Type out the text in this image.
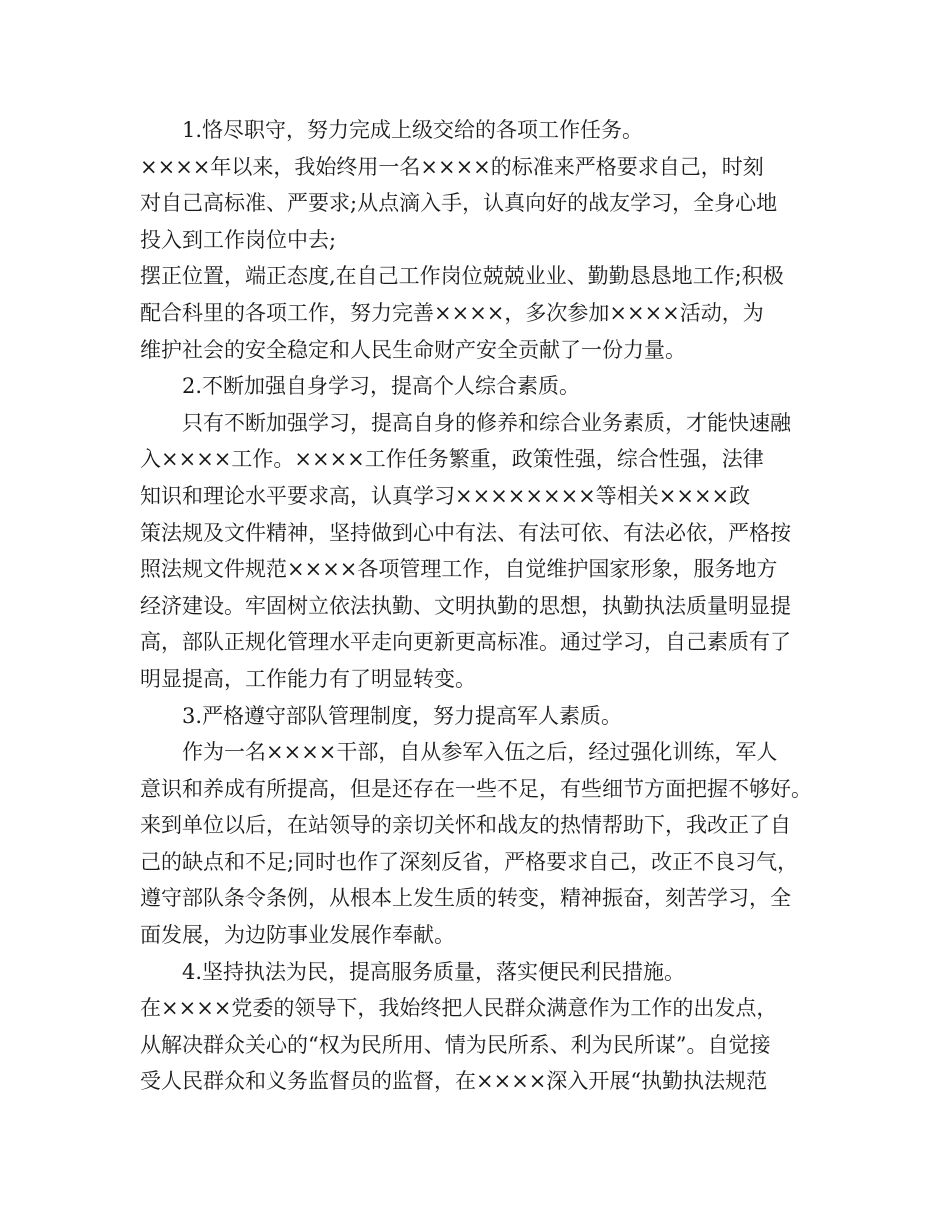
1.恪尽职守，努力完成上级交给的各项工作任务。
××××年以来，我始终用一名××××的标准来严格要求自己，时刻
对自己高标准、严要求;从点滴入手，认真向好的战友学习，全身心地
投入到工作岗位中去;
摆正位置，端正态度,在自己工作岗位兢兢业业、勤勤恳恳地工作;积极
配合科里的各项工作，努力完善××××，多次参加××××活动，为
维护社会的安全稳定和人民生命财产安全贡献了一份力量。
2.不断加强自身学习，提高个人综合素质。
只有不断加强学习，提高自身的修养和综合业务素质，才能快速融
入××××工作。××××工作任务繁重，政策性强，综合性强，法律
知识和理论水平要求高，认真学习××××××××等相关××××政
策法规及文件精神，坚持做到心中有法、有法可依、有法必依，严格按
照法规文件规范××××各项管理工作，自觉维护国家形象，服务地方
经济建设。牢固树立依法执勤、文明执勤的思想，执勤执法质量明显提
高，部队正规化管理水平走向更新更高标准。通过学习，自己素质有了
明显提高，工作能力有了明显转变。
3.严格遵守部队管理制度，努力提高军人素质。
作为一名××××干部，自从参军入伍之后，经过强化训练，军人
意识和养成有所提高，但是还存在一些不足，有些细节方面把握不够好。
来到单位以后，在站领导的亲切关怀和战友的热情帮助下，我改正了自
己的缺点和不足;同时也作了深刻反省，严格要求自己，改正不良习气，
遵守部队条令条例，从根本上发生质的转变，精神振奋，刻苦学习，全
面发展，为边防事业发展作奉献。
4.坚持执法为民，提高服务质量，落实便民利民措施。
在××××党委的领导下，我始终把人民群众满意作为工作的出发点，
从解决群众关心的“权为民所用、情为民所系、利为民所谋”。自觉接
受人民群众和义务监督员的监督，在××××深入开展“执勤执法规范
